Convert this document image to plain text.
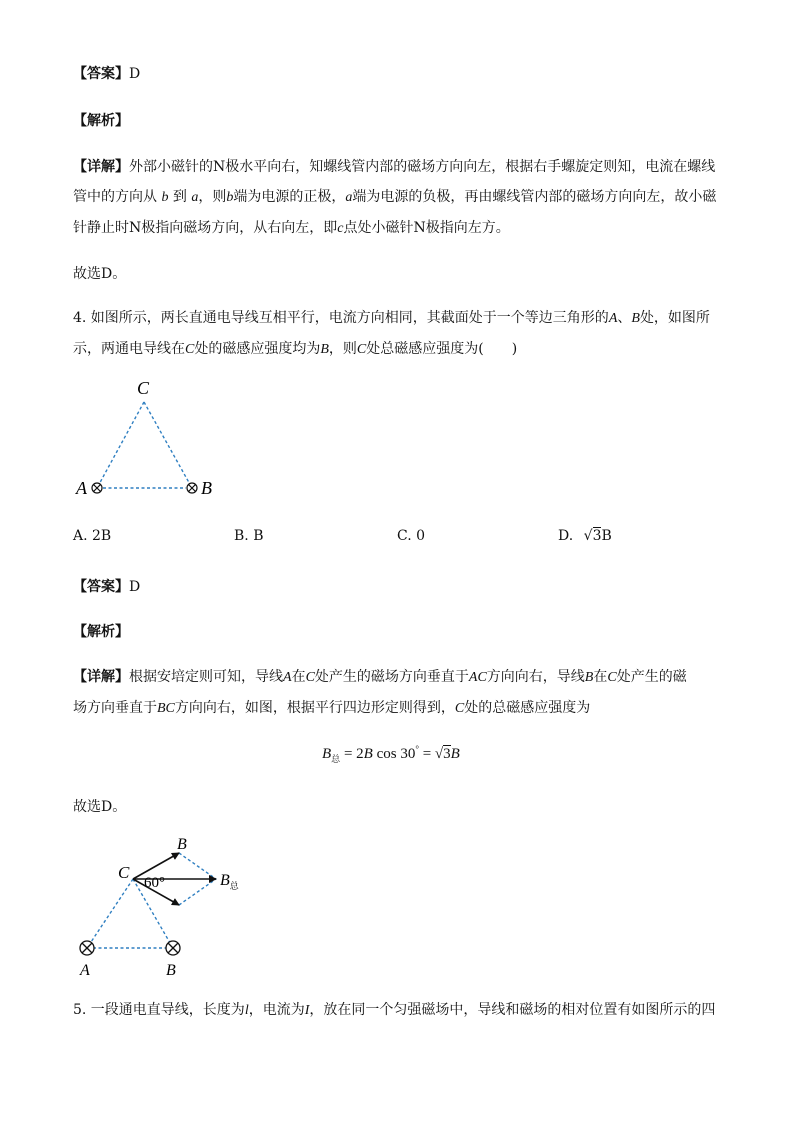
【答案】D
【解析】
【详解】外部小磁针的N极水平向右，知螺线管内部的磁场方向向左，根据右手螺旋定则知，电流在螺线
管中的方向从 b 到 a，则b端为电源的正极，a端为电源的负极，再由螺线管内部的磁场方向向左，故小磁
针静止时N极指向磁场方向，从右向左，即c点处小磁针N极指向左方。
故选D。
4. 如图所示，两长直通电导线互相平行，电流方向相同，其截面处于一个等边三角形的A、B处，如图所
示，两通电导线在C处的磁感应强度均为B，则C处总磁感应强度为(　　)
C
A	B
A. 2B	B. B	C. 0	D. √3B
【答案】D
【解析】
【详解】根据安培定则可知，导线A在C处产生的磁场方向垂直于AC方向向右，导线B在C处产生的磁
场方向垂直于BC方向向右，如图，根据平行四边形定则得到，C处的总磁感应强度为
$B_总 = 2B$ cos 30° = √3B
故选D。
C
60°
B
$B_总$
A	B
5. 一段通电直导线，长度为l，电流为I，放在同一个匀强磁场中，导线和磁场的相对位置有如图所示的四
